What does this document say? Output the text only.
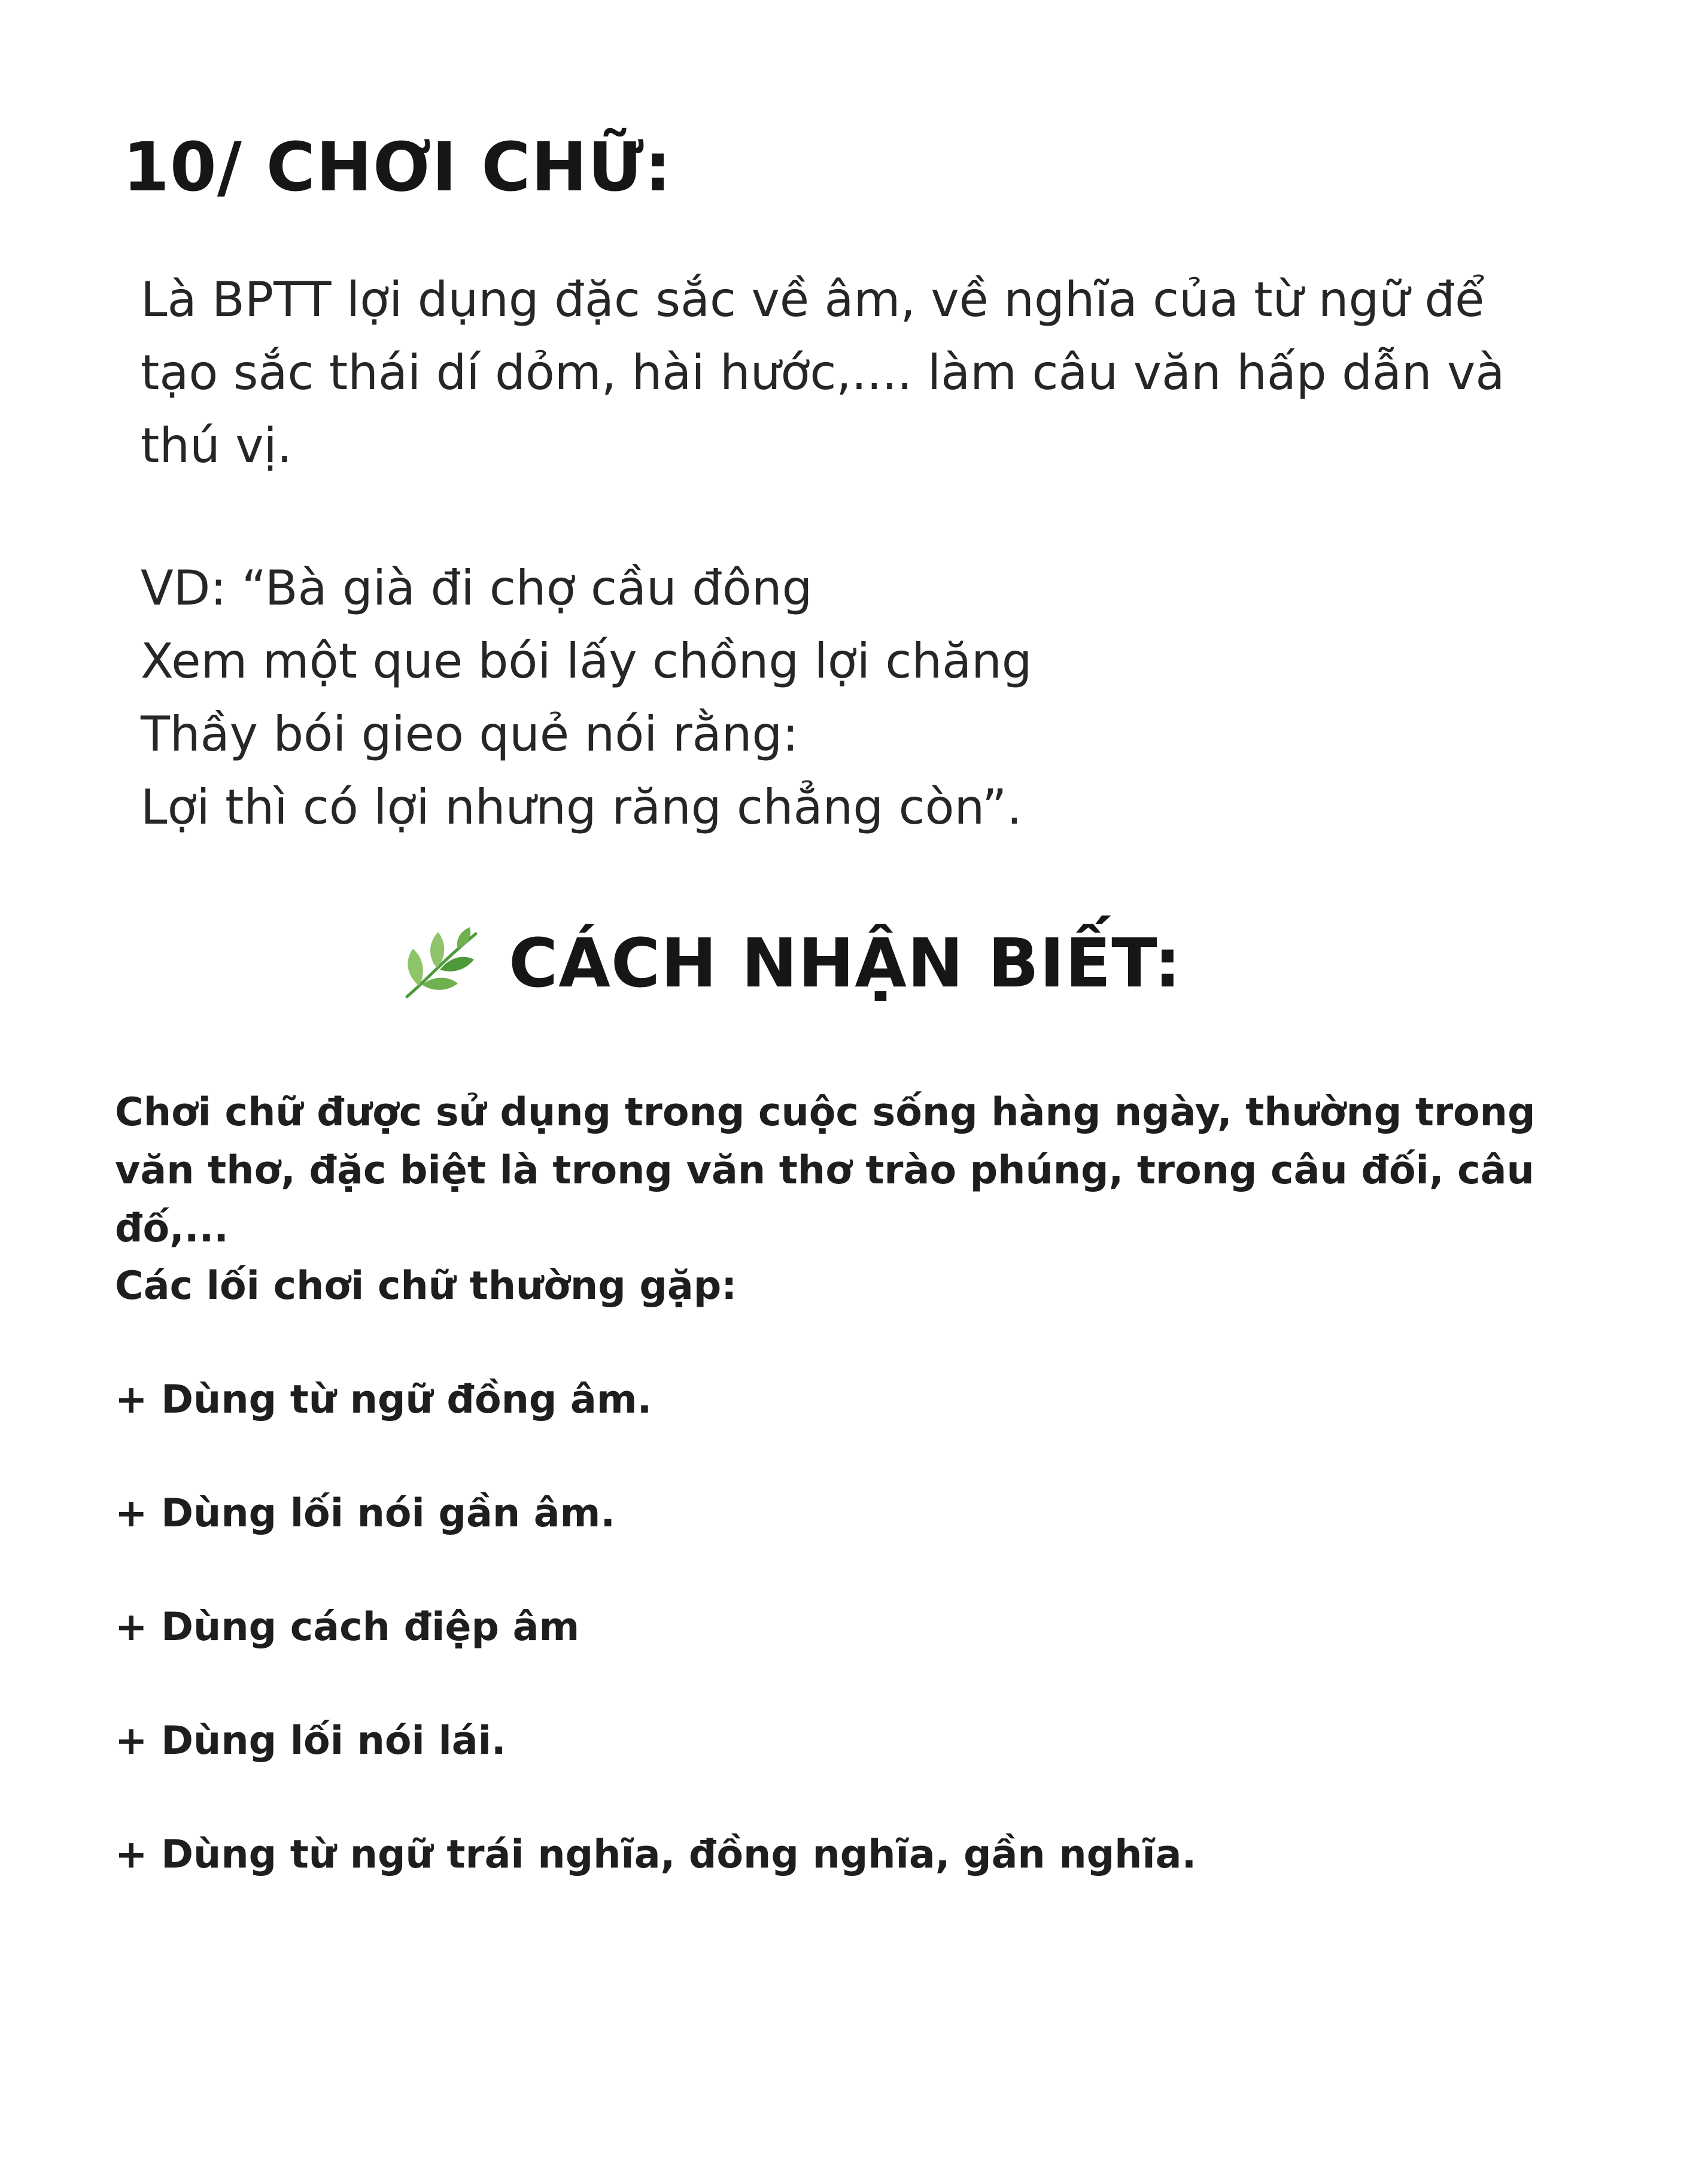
10/ CHƠI CHỮ:

Là BPTT lợi dụng đặc sắc về âm, về nghĩa của từ ngữ để tạo sắc thái dí dỏm, hài hước,.... làm câu văn hấp dẫn và thú vị.

VD: “Bà già đi chợ cầu đông
Xem một que bói lấy chồng lợi chăng
Thầy bói gieo quẻ nói rằng:
Lợi thì có lợi nhưng răng chẳng còn”.
CÁCH NHẬN BIẾT:

Chơi chữ được sử dụng trong cuộc sống hàng ngày, thường trong văn thơ, đặc biệt là trong văn thơ trào phúng, trong câu đối, câu đố,...

Các lối chơi chữ thường gặp:

+ Dùng từ ngữ đồng âm.

+ Dùng lối nói gần âm.

+ Dùng cách điệp âm

+ Dùng lối nói lái.

+ Dùng từ ngữ trái nghĩa, đồng nghĩa, gần nghĩa.
